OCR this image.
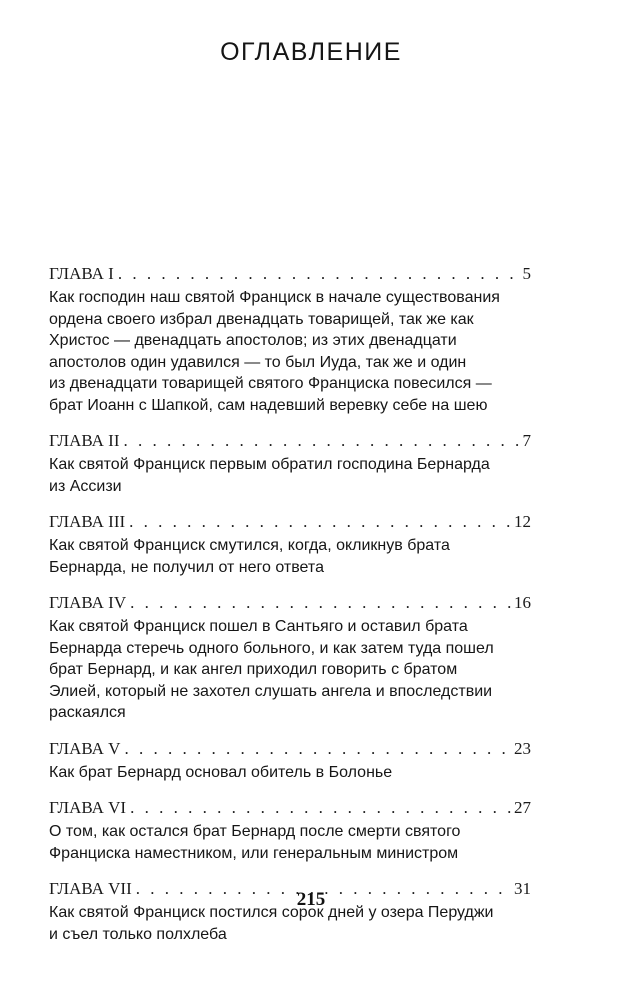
ОГЛАВЛЕНИЕ
ГЛАВА I . . .	5
Как господин наш святой Франциск в начале существования
ордена своего избрал двенадцать товарищей, так же как
Христос — двенадцать апостолов; из этих двенадцати
апостолов один удавился — то был Иуда, так же и один
из двенадцати товарищей святого Франциска повесился —
брат Иоанн с Шапкой, сам надевший веревку себе на шею
ГЛАВА II . . .	7
Как святой Франциск первым обратил господина Бернарда
из Ассизи
ГЛАВА III . . .	12
Как святой Франциск смутился, когда, окликнув брата
Бернарда, не получил от него ответа
ГЛАВА IV . . .	16
Как святой Франциск пошел в Сантьяго и оставил брата
Бернарда стеречь одного больного, и как затем туда пошел
брат Бернард, и как ангел приходил говорить с братом
Элией, который не захотел слушать ангела и впоследствии
раскаялся
ГЛАВА V . . .	23
Как брат Бернард основал обитель в Болонье
ГЛАВА VI . . .	27
О том, как остался брат Бернард после смерти святого
Франциска наместником, или генеральным министром
ГЛАВА VII . . .	31
Как святой Франциск постился сорок дней у озера Перуджи
и съел только полхлеба
215
